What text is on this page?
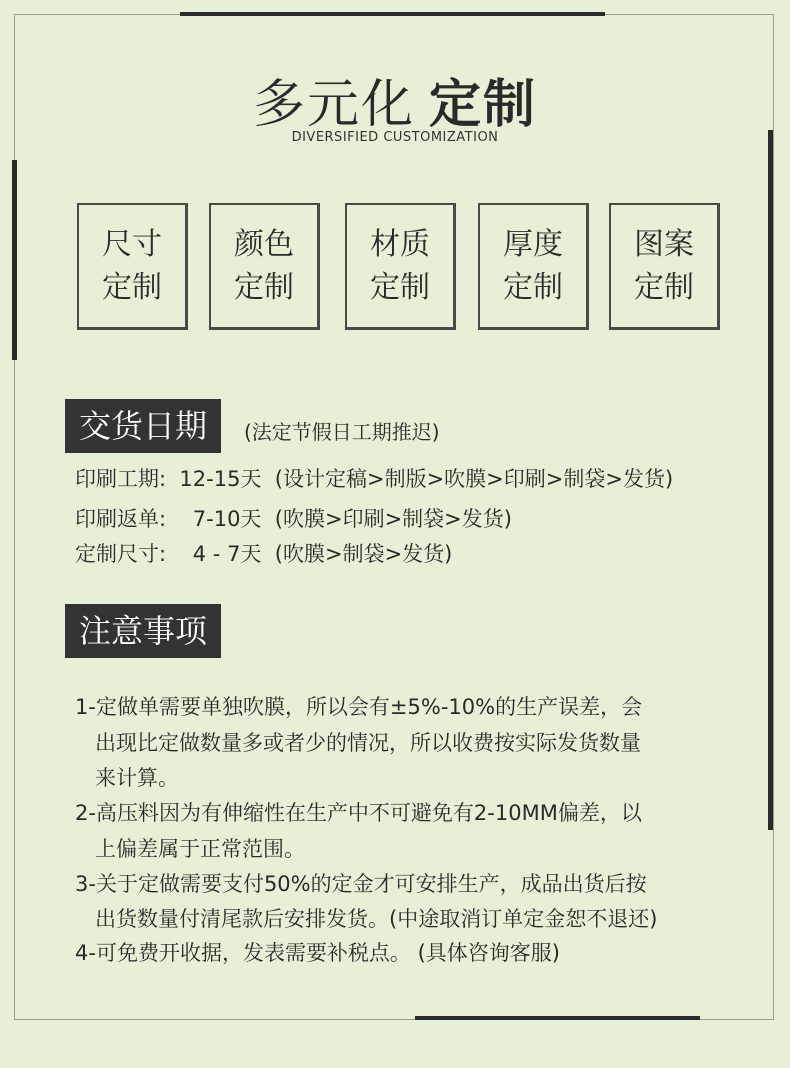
多元化 定制
DIVERSIFIED CUSTOMIZATION
尺寸
定制
颜色
定制
材质
定制
厚度
定制
图案
定制
交货日期	(法定节假日工期推迟)
印刷工期:  12-15天  (设计定稿>制版>吹膜>印刷>制袋>发货)
印刷返单:    7-10天  (吹膜>印刷>制袋>发货)
定制尺寸:    4 - 7天  (吹膜>制袋>发货)
注意事项
1-定做单需要单独吹膜，所以会有±5%-10%的生产误差，会
出现比定做数量多或者少的情况，所以收费按实际发货数量
来计算。
2-高压料因为有伸缩性在生产中不可避免有2-10MM偏差，以
上偏差属于正常范围。
3-关于定做需要支付50%的定金才可安排生产，成品出货后按
出货数量付清尾款后安排发货。(中途取消订单定金恕不退还)
4-可免费开收据，发表需要补税点。 (具体咨询客服)
